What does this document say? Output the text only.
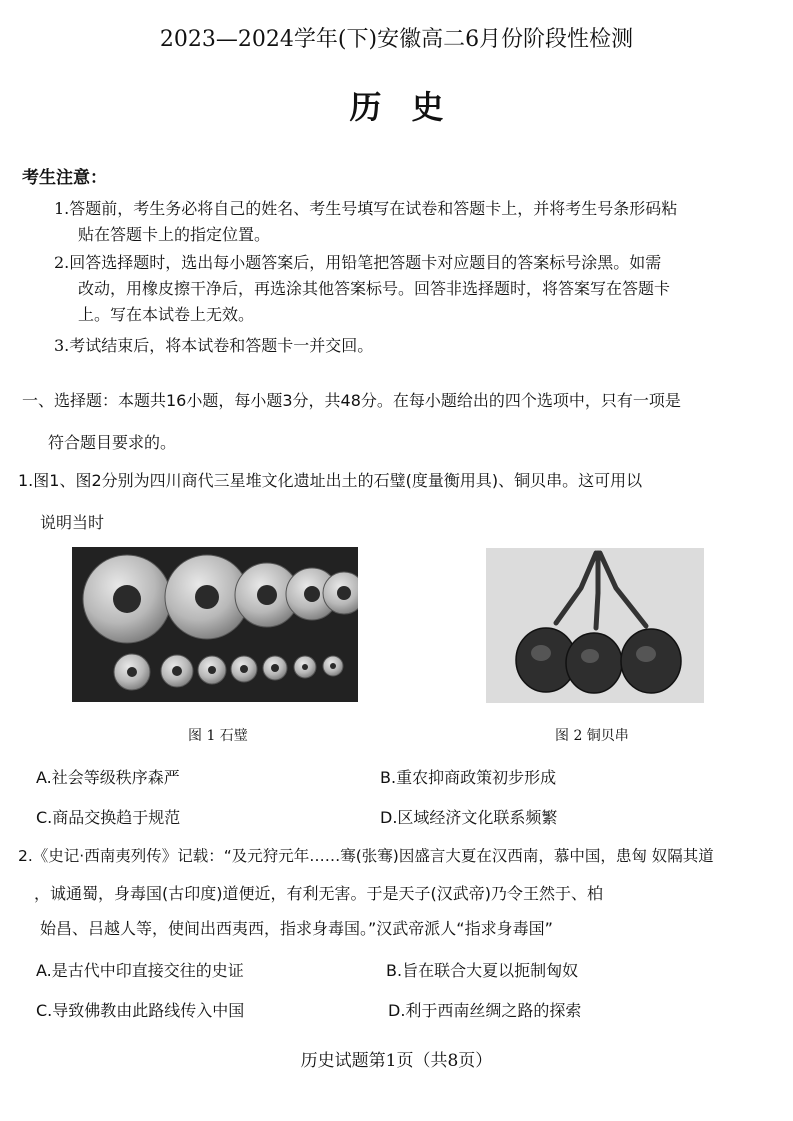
2023—2024学年(下)安徽高二6月份阶段性检测
历史
考生注意：
1.答题前，考生务必将自己的姓名、考生号填写在试卷和答题卡上，并将考生号条形码粘
贴在答题卡上的指定位置。
2.回答选择题时，选出每小题答案后，用铅笔把答题卡对应题目的答案标号涂黑。如需
改动，用橡皮擦干净后，再选涂其他答案标号。回答非选择题时，将答案写在答题卡
上。写在本试卷上无效。
3.考试结束后，将本试卷和答题卡一并交回。
一、选择题：本题共16小题，每小题3分，共48分。在每小题给出的四个选项中，只有一项是
符合题目要求的。
1.图1、图2分别为四川商代三星堆文化遗址出土的石璧(度量衡用具)、铜贝串。这可用以
说明当时
图 1 石璧	图 2 铜贝串
A.社会等级秩序森严	B.重农抑商政策初步形成
C.商品交换趋于规范	D.区域经济文化联系频繁
2.《史记·西南夷列传》记载：“及元狩元年……骞(张骞)因盛言大夏在汉西南，慕中国，患匈 奴隔其道
，诚通蜀，身毒国(古印度)道便近，有利无害。于是天子(汉武帝)乃令王然于、柏
始昌、吕越人等，使间出西夷西，指求身毒国。”汉武帝派人“指求身毒国”
A.是古代中印直接交往的史证	B.旨在联合大夏以扼制匈奴
C.导致佛教由此路线传入中国	D.利于西南丝绸之路的探索
历史试题第1页（共8页）
